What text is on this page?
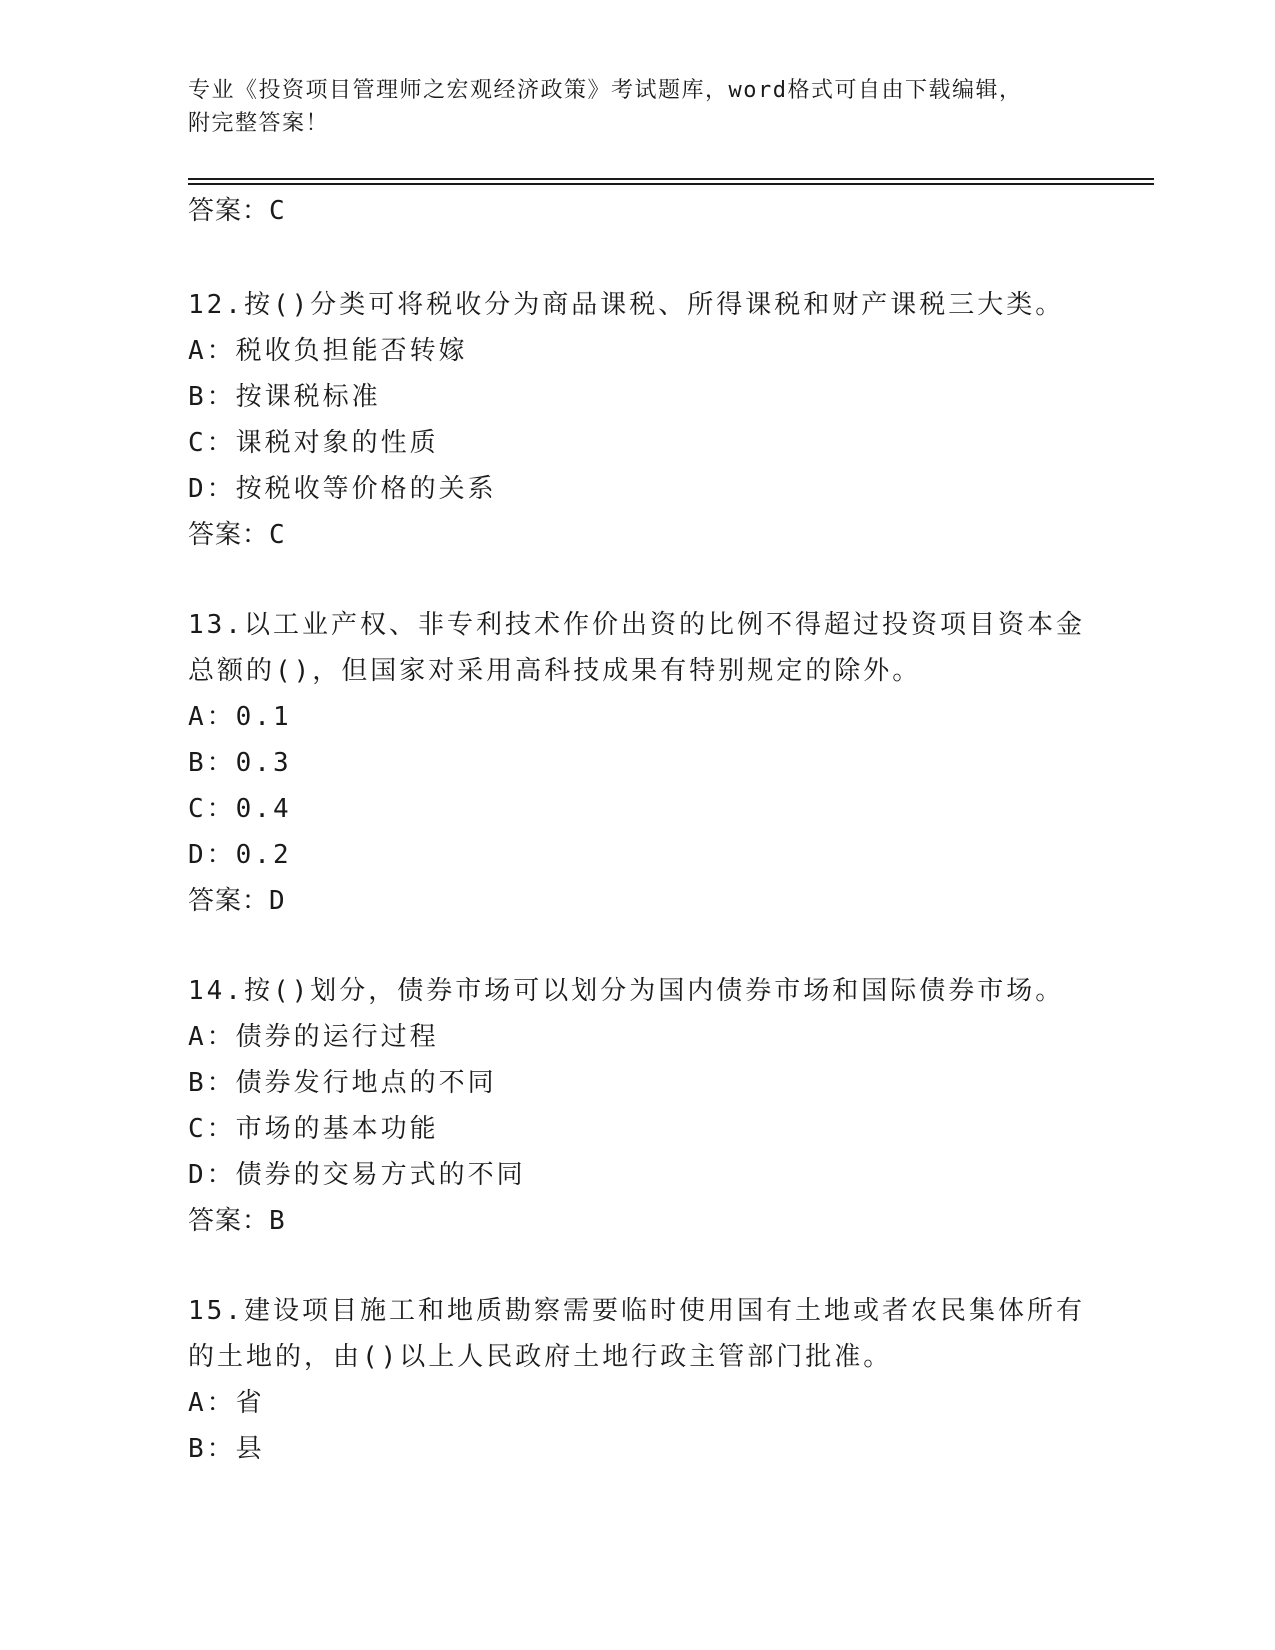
专业《投资项目管理师之宏观经济政策》考试题库，word格式可自由下载编辑，
附完整答案！
答案：C
12.按()分类可将税收分为商品课税、所得课税和财产课税三大类。
A：税收负担能否转嫁
B：按课税标准
C：课税对象的性质
D：按税收等价格的关系
答案：C
13.以工业产权、非专利技术作价出资的比例不得超过投资项目资本金总额的()，但国家对采用高科技成果有特别规定的除外。
A：0.1
B：0.3
C：0.4
D：0.2
答案：D
14.按()划分，债券市场可以划分为国内债券市场和国际债券市场。
A：债券的运行过程
B：债券发行地点的不同
C：市场的基本功能
D：债券的交易方式的不同
答案：B
15.建设项目施工和地质勘察需要临时使用国有土地或者农民集体所有的土地的，由()以上人民政府土地行政主管部门批准。
A：省
B：县
